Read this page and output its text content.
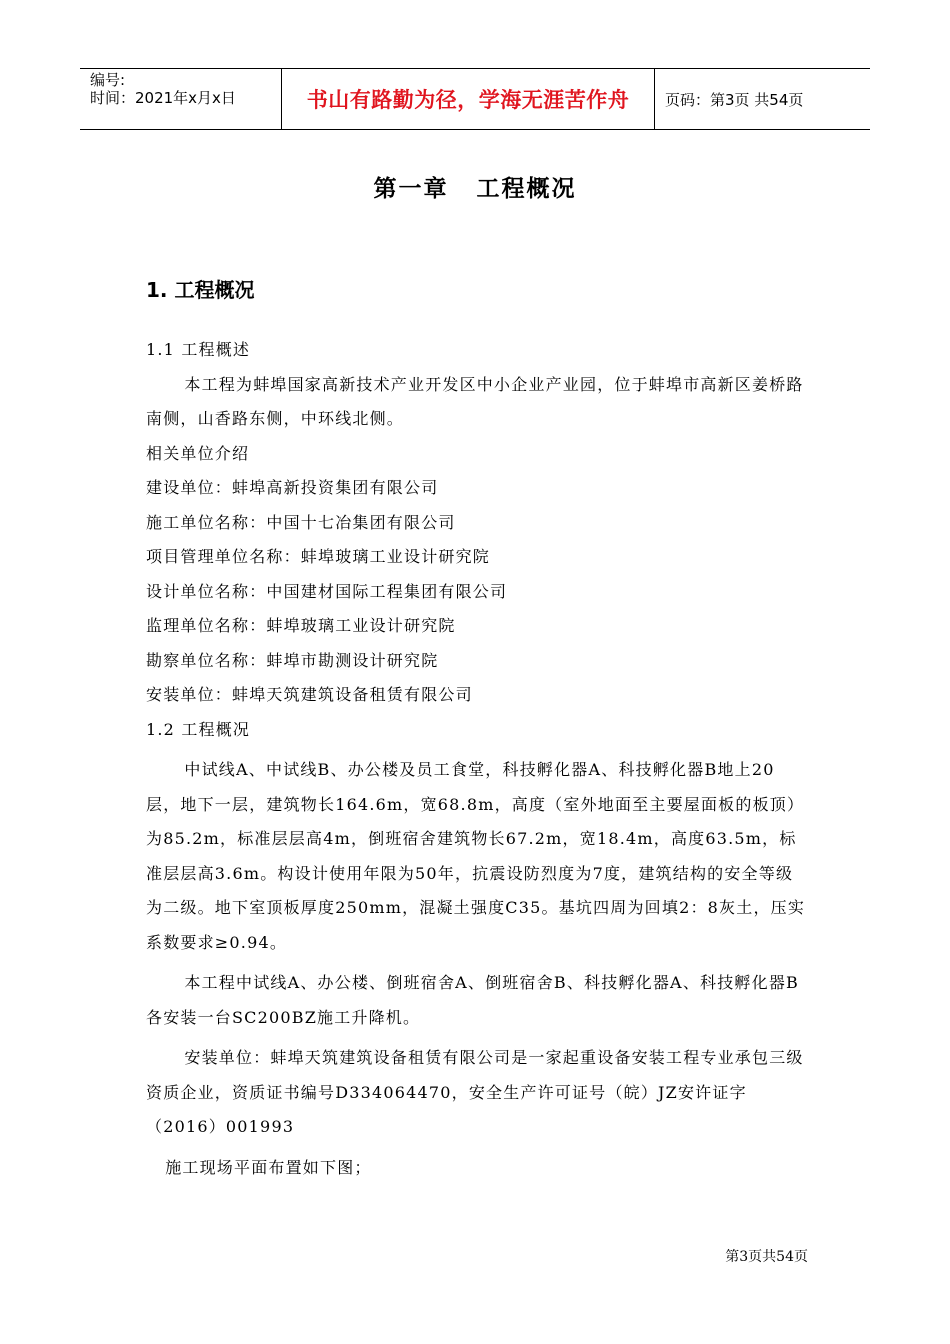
编号:
时间：2021年x月x日	书山有路勤为径，学海无涯苦作舟	页码：第3页 共54页
第一章 工程概况
1. 工程概况

1.1 工程概述

本工程为蚌埠国家高新技术产业开发区中小企业产业园，位于蚌埠市高新区姜桥路南侧，山香路东侧，中环线北侧。

相关单位介绍

建设单位：蚌埠高新投资集团有限公司

施工单位名称：中国十七冶集团有限公司

项目管理单位名称：蚌埠玻璃工业设计研究院

设计单位名称：中国建材国际工程集团有限公司

监理单位名称：蚌埠玻璃工业设计研究院

勘察单位名称：蚌埠市勘测设计研究院

安装单位：蚌埠天筑建筑设备租赁有限公司

1.2 工程概况

中试线A、中试线B、办公楼及员工食堂，科技孵化器A、科技孵化器B地上20层，地下一层，建筑物长164.6m，宽68.8m，高度（室外地面至主要屋面板的板顶）为85.2m，标准层层高4m，倒班宿舍建筑物长67.2m，宽18.4m，高度63.5m，标准层层高3.6m。构设计使用年限为50年，抗震设防烈度为7度，建筑结构的安全等级为二级。地下室顶板厚度250mm，混凝土强度C35。基坑四周为回填2：8灰土，压实系数要求≥0.94。

本工程中试线A、办公楼、倒班宿舍A、倒班宿舍B、科技孵化器A、科技孵化器B各安装一台SC200BZ施工升降机。

安装单位：蚌埠天筑建筑设备租赁有限公司是一家起重设备安装工程专业承包三级资质企业，资质证书编号D334064470，安全生产许可证号（皖）JZ安许证字（2016）001993

施工现场平面布置如下图；

第3页共54页
